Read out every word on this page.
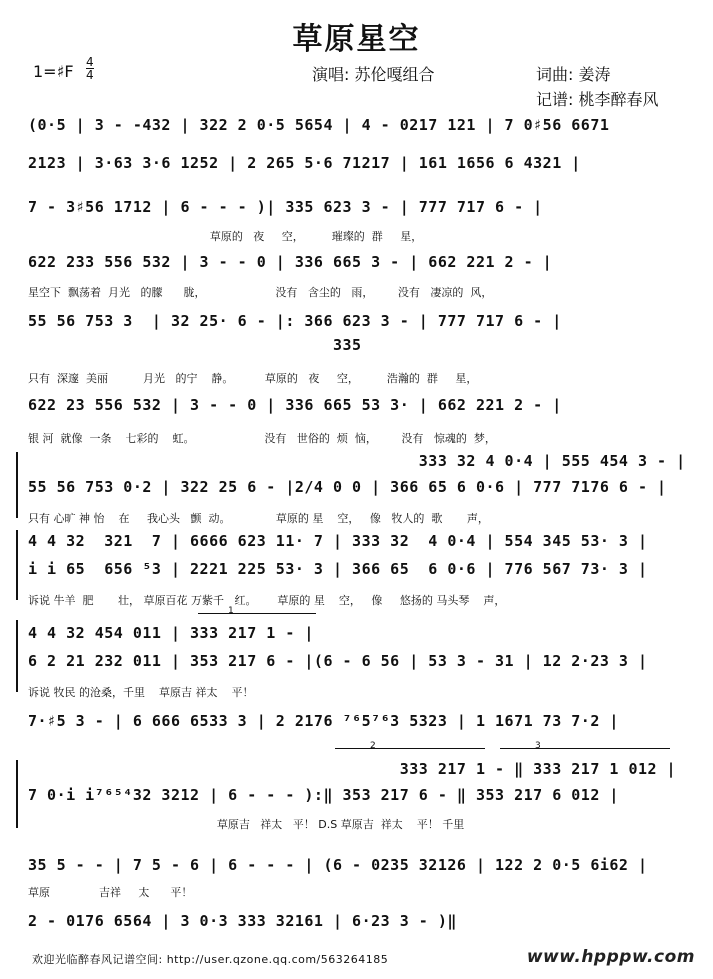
草原星空
1=♯F 4
4	演唱: 苏伦嘎组合	词曲: 姜涛
记谱: 桃李醉春风
(0·5 | 3 - -432 | 322 2 0·5 5654 | 4 - 0217 121 | 7 0♯56 6671
2123 | 3·63 3·6 1252 | 2 265 5·6 71217 | 161 1656 6 4321 |
7 - 3♯56 1712 | 6 - - - )| 335 623 3 - | 777 717 6 - |
草原的   夜     空，        璀璨的  群     星，
622 233 556 532 | 3 - - 0 | 336 665 3 - | 662 221 2 - |
星空下  飘荡着  月光   的朦      胧，                    没有   含尘的   雨，       没有   凄凉的  风，
55 56 753 3  | 32 25· 6 - |: 366 623 3 - | 777 717 6 - |
335
只有  深邃  美丽          月光   的宁    静。         草原的   夜     空，        浩瀚的  群     星，
622 23 556 532 | 3 - - 0 | 336 665 53 3· | 662 221 2 - |
银 河  就像  一条    七彩的    虹。                    没有   世俗的  烦  恼，       没有   惊魂的  梦，
333 32 4 0·4 | 555 454 3 - |
55 56 753 0·2 | 322 25 6 - |2/4 0 0 | 366 65 6 0·6 | 777 7176 6 - |
只有 心旷 神 怡    在     我心头   颤  动。             草原的 星    空，   像   牧人的  歌       声，
4 4 32  321  7 | 6666 623 11· 7 | 333 32  4 0·4 | 554 345 53· 3 |
i i 65  656 ⁵3 | 2221 225 53· 3 | 366 65  6 0·6 | 776 567 73· 3 |
诉说 牛羊  肥       壮， 草原百花 万紫千   红。      草原的 星    空，   像     悠扬的 马头琴    声，
4 4 32 454 011 | 333 217 1 - |
6 2 21 232 011 | 353 217 6 - |(6 - 6 56 | 53 3 - 31 | 12 2·23 3 |
诉说 牧民 的沧桑，千里    草原吉 祥太    平！
7·♯5 3 - | 6 666 6533 3 | 2 2176 ⁷⁶5⁷⁶3 5323 | 1 1671 73 7·2 |
333 217 1 - ‖ 333 217 1 012 |
7 0·i i⁷⁶⁵⁴32 3212 | 6 - - - ):‖ 353 217 6 - ‖ 353 217 6 012 |
草原吉   祥太   平！ D.S 草原吉  祥太    平！ 千里
35 5 - - | 7 5 - 6 | 6 - - - | (6 - 0235 32126 | 122 2 0·5 6i62 |
草原              吉祥     太      平！
2 - 0176 6564 | 3 0·3 333 32161 | 6·23 3 - )‖
1
2	3
欢迎光临醉春风记谱空间: http://user.qzone.qq.com/563264185	www.hpppw.com
